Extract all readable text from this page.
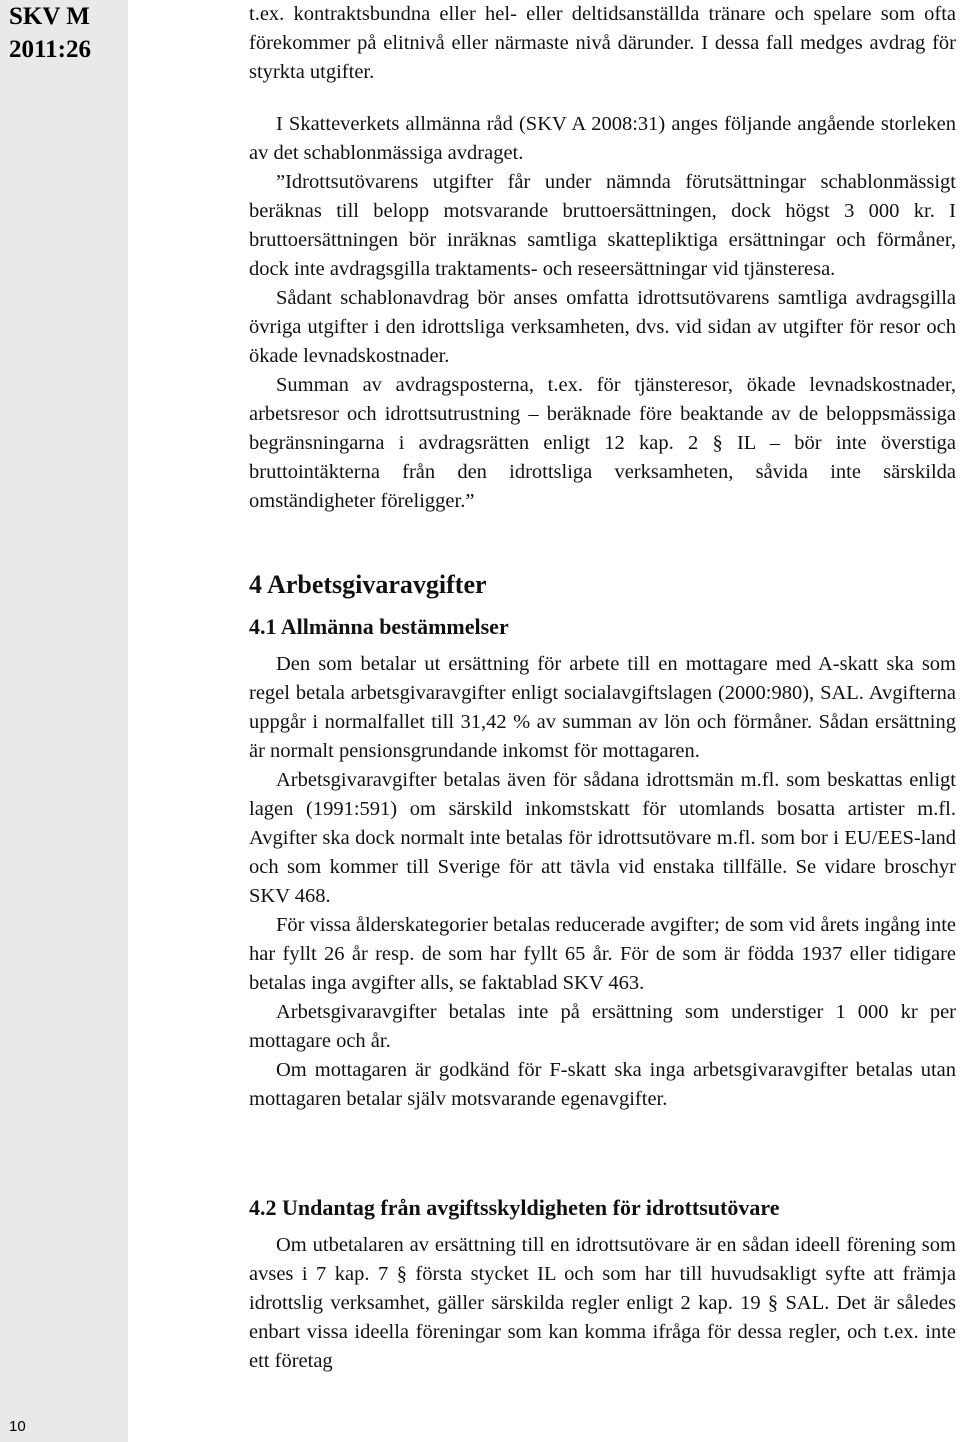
SKV M
2011:26
10

t.ex. kontraktsbundna eller hel- eller deltidsanställda tränare och spelare som ofta förekommer på elitnivå eller närmaste nivå därunder. I dessa fall medges avdrag för styrkta utgifter.

I Skatteverkets allmänna råd (SKV A 2008:31) anges följande angående storleken av det schablonmässiga avdraget.

”Idrottsutövarens utgifter får under nämnda förutsättningar schablonmässigt beräknas till belopp motsvarande bruttoersättningen, dock högst 3 000 kr. I bruttoersättningen bör inräknas samtliga skattepliktiga ersättningar och förmåner, dock inte avdragsgilla traktaments- och reseersättningar vid tjänsteresa.

Sådant schablonavdrag bör anses omfatta idrottsutövarens samtliga avdragsgilla övriga utgifter i den idrottsliga verksamheten, dvs. vid sidan av utgifter för resor och ökade levnadskostnader.

Summan av avdragsposterna, t.ex. för tjänsteresor, ökade levnadskostnader, arbetsresor och idrottsutrustning – beräknade före beaktande av de beloppsmässiga begränsningarna i avdragsrätten enligt 12 kap. 2 § IL – bör inte överstiga bruttointäkterna från den idrottsliga verksamheten, såvida inte särskilda omständigheter föreligger.”

4 Arbetsgivaravgifter
4.1 Allmänna bestämmelser

Den som betalar ut ersättning för arbete till en mottagare med A-skatt ska som regel betala arbetsgivaravgifter enligt socialavgiftslagen (2000:980), SAL. Avgifterna uppgår i normalfallet till 31,42 % av summan av lön och förmåner. Sådan ersättning är normalt pensionsgrundande inkomst för mottagaren.

Arbetsgivaravgifter betalas även för sådana idrottsmän m.fl. som beskattas enligt lagen (1991:591) om särskild inkomstskatt för utomlands bosatta artister m.fl. Avgifter ska dock normalt inte betalas för idrottsutövare m.fl. som bor i EU/EES-land och som kommer till Sverige för att tävla vid enstaka tillfälle. Se vidare broschyr SKV 468.

För vissa ålderskategorier betalas reducerade avgifter; de som vid årets ingång inte har fyllt 26 år resp. de som har fyllt 65 år. För de som är födda 1937 eller tidigare betalas inga avgifter alls, se faktablad SKV 463.

Arbetsgivaravgifter betalas inte på ersättning som understiger 1 000 kr per mottagare och år.

Om mottagaren är godkänd för F-skatt ska inga arbetsgivaravgifter betalas utan mottagaren betalar själv motsvarande egenavgifter.

4.2 Undantag från avgiftsskyldigheten för idrottsutövare

Om utbetalaren av ersättning till en idrottsutövare är en sådan ideell förening som avses i 7 kap. 7 § första stycket IL och som har till huvudsakligt syfte att främja idrottslig verksamhet, gäller särskilda regler enligt 2 kap. 19 § SAL. Det är således enbart vissa ideella föreningar som kan komma ifråga för dessa regler, och t.ex. inte ett företag
